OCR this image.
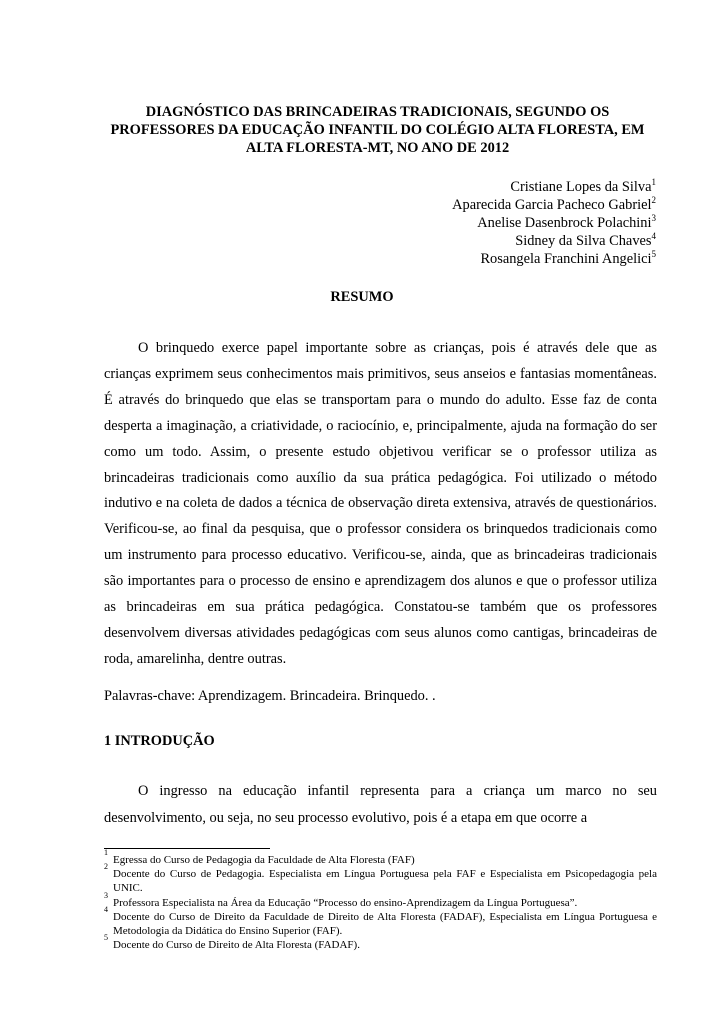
DIAGNÓSTICO DAS BRINCADEIRAS TRADICIONAIS, SEGUNDO OS
PROFESSORES DA EDUCAÇÃO INFANTIL DO COLÉGIO ALTA FLORESTA, EM
ALTA FLORESTA-MT, NO ANO DE 2012
Cristiane Lopes da Silva$^1$
Aparecida Garcia Pacheco Gabriel$^2$
Anelise Dasenbrock Polachini$^3$
Sidney da Silva Chaves$^4$
Rosangela Franchini Angelici$^5$
RESUMO

O brinquedo exerce papel importante sobre as crianças, pois é através dele que as crianças exprimem seus conhecimentos mais primitivos, seus anseios e fantasias momentâneas. É através do brinquedo que elas se transportam para o mundo do adulto. Esse faz de conta desperta a imaginação, a criatividade, o raciocínio, e, principalmente, ajuda na formação do ser como um todo. Assim, o presente estudo objetivou verificar se o professor utiliza as brincadeiras tradicionais como auxílio da sua prática pedagógica. Foi utilizado o método indutivo e na coleta de dados a técnica de observação direta extensiva, através de questionários. Verificou-se, ao final da pesquisa, que o professor considera os brinquedos tradicionais como um instrumento para processo educativo. Verificou-se, ainda, que as brincadeiras tradicionais são importantes para o processo de ensino e aprendizagem dos alunos e que o professor utiliza as brincadeiras em sua prática pedagógica. Constatou-se também que os professores desenvolvem diversas atividades pedagógicas com seus alunos como cantigas, brincadeiras de roda, amarelinha, dentre outras.

Palavras-chave: Aprendizagem. Brincadeira. Brinquedo. .

1 INTRODUÇÃO

O ingresso na educação infantil representa para a criança um marco no seu desenvolvimento, ou seja, no seu processo evolutivo, pois é a etapa em que ocorre a

1
Egressa do Curso de Pedagogia da Faculdade de Alta Floresta (FAF)
2
Docente do Curso de Pedagogia. Especialista em Língua Portuguesa pela FAF e Especialista em Psicopedagogia pela UNIC.
3
Professora Especialista na Área da Educação “Processo do ensino-Aprendizagem da Língua Portuguesa”.
4
Docente do Curso de Direito da Faculdade de Direito de Alta Floresta (FADAF), Especialista em Língua Portuguesa e Metodologia da Didática do Ensino Superior (FAF).
5
Docente do Curso de Direito de Alta Floresta (FADAF).
